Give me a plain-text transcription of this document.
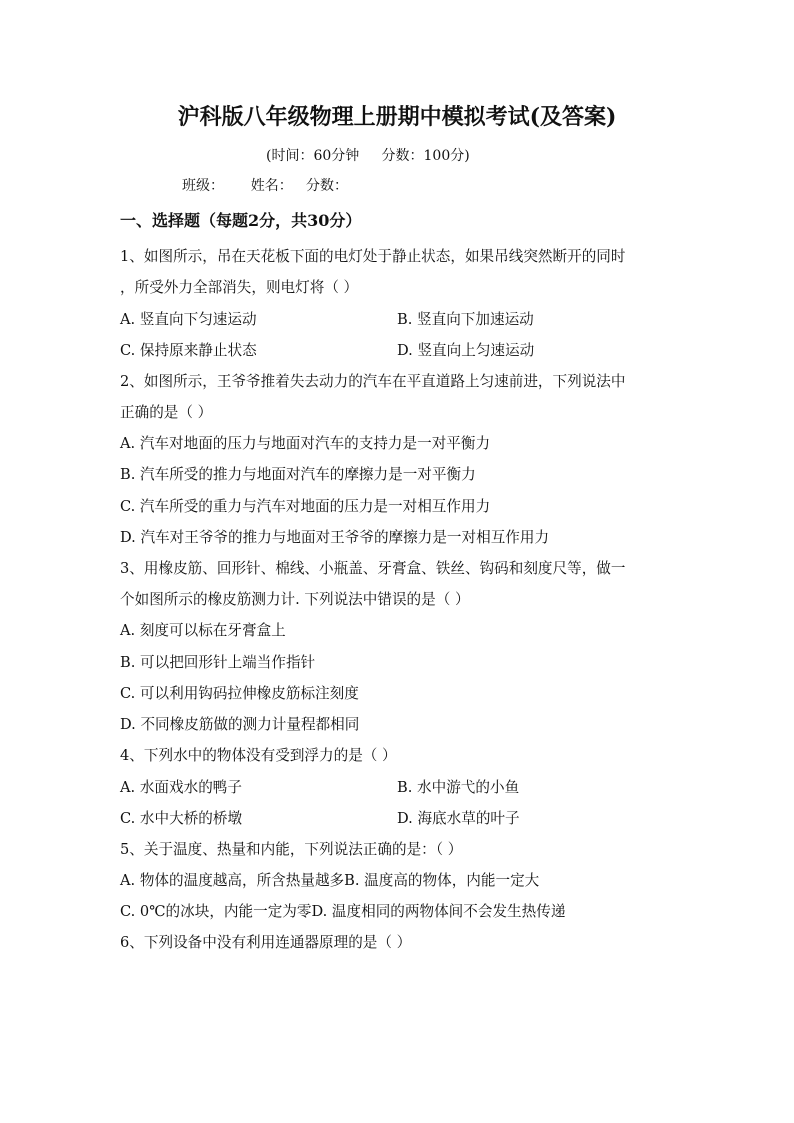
沪科版八年级物理上册期中模拟考试(及答案)
(时间：60分钟     分数：100分)
班级：      姓名：   分数：
一、选择题（每题2分，共30分）
1、如图所示，吊在天花板下面的电灯处于静止状态，如果吊线突然断开的同时
，所受外力全部消失，则电灯将（ ）
A. 竖直向下匀速运动	B. 竖直向下加速运动
C. 保持原来静止状态	D. 竖直向上匀速运动
2、如图所示，王爷爷推着失去动力的汽车在平直道路上匀速前进，下列说法中
正确的是（ ）
A. 汽车对地面的压力与地面对汽车的支持力是一对平衡力
B. 汽车所受的推力与地面对汽车的摩擦力是一对平衡力
C. 汽车所受的重力与汽车对地面的压力是一对相互作用力
D. 汽车对王爷爷的推力与地面对王爷爷的摩擦力是一对相互作用力
3、用橡皮筋、回形针、棉线、小瓶盖、牙膏盒、铁丝、钩码和刻度尺等，做一
个如图所示的橡皮筋测力计. 下列说法中错误的是（ ）
A. 刻度可以标在牙膏盒上
B. 可以把回形针上端当作指针
C. 可以利用钩码拉伸橡皮筋标注刻度
D. 不同橡皮筋做的测力计量程都相同
4、下列水中的物体没有受到浮力的是（ ）
A. 水面戏水的鸭子	B. 水中游弋的小鱼
C. 水中大桥的桥墩	D. 海底水草的叶子
5、关于温度、热量和内能，下列说法正确的是：（ ）
A. 物体的温度越高，所含热量越多B. 温度高的物体，内能一定大
C. 0℃的冰块，内能一定为零D. 温度相同的两物体间不会发生热传递
6、下列设备中没有利用连通器原理的是（ ）
